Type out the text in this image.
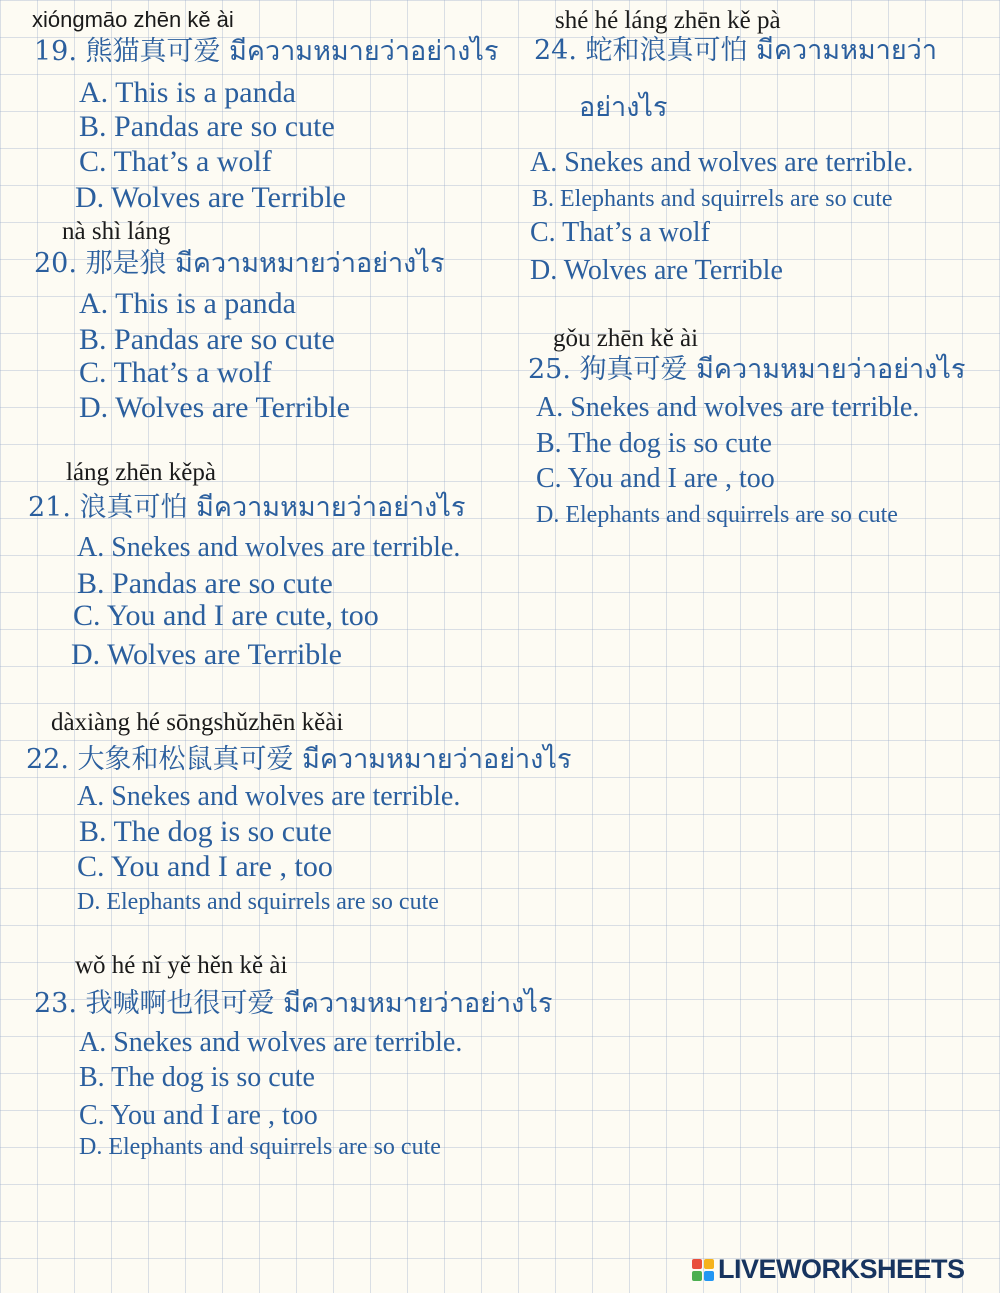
xióngmāo zhēn kě ài
19. 熊猫真可爱 มีความหมายว่าอย่างไร
A. This is a panda
B. Pandas are so cute
C. That’s a wolf
D. Wolves are Terrible
nà shì láng
20. 那是狼 มีความหมายว่าอย่างไร
A. This is a panda
B. Pandas are so cute
C. That’s a wolf
D. Wolves are Terrible
láng zhēn kěpà
21. 浪真可怕 มีความหมายว่าอย่างไร
A. Snekes and wolves are terrible.
B. Pandas are so cute
C. You and I are cute, too
D. Wolves are Terrible
dàxiàng hé sōngshǔzhēn kěài
22. 大象和松鼠真可爱 มีความหมายว่าอย่างไร
A. Snekes and wolves are terrible.
B. The dog is so cute
C. You and I are , too
D. Elephants and squirrels are so cute
wǒ hé nǐ yě hěn kě ài
23. 我喊啊也很可爱 มีความหมายว่าอย่างไร
A. Snekes and wolves are terrible.
B. The dog is so cute
C. You and I are , too
D. Elephants and squirrels are so cute
shé hé láng zhēn kě pà
24. 蛇和浪真可怕 มีความหมายว่า
อย่างไร
A. Snekes and wolves are terrible.
B. Elephants and squirrels are so cute
C. That’s a wolf
D. Wolves are Terrible
gǒu zhēn kě ài
25. 狗真可爱 มีความหมายว่าอย่างไร
A. Snekes and wolves are terrible.
B. The dog is so cute
C. You and I are , too
D. Elephants and squirrels are so cute
LIVEWORKSHEETS
